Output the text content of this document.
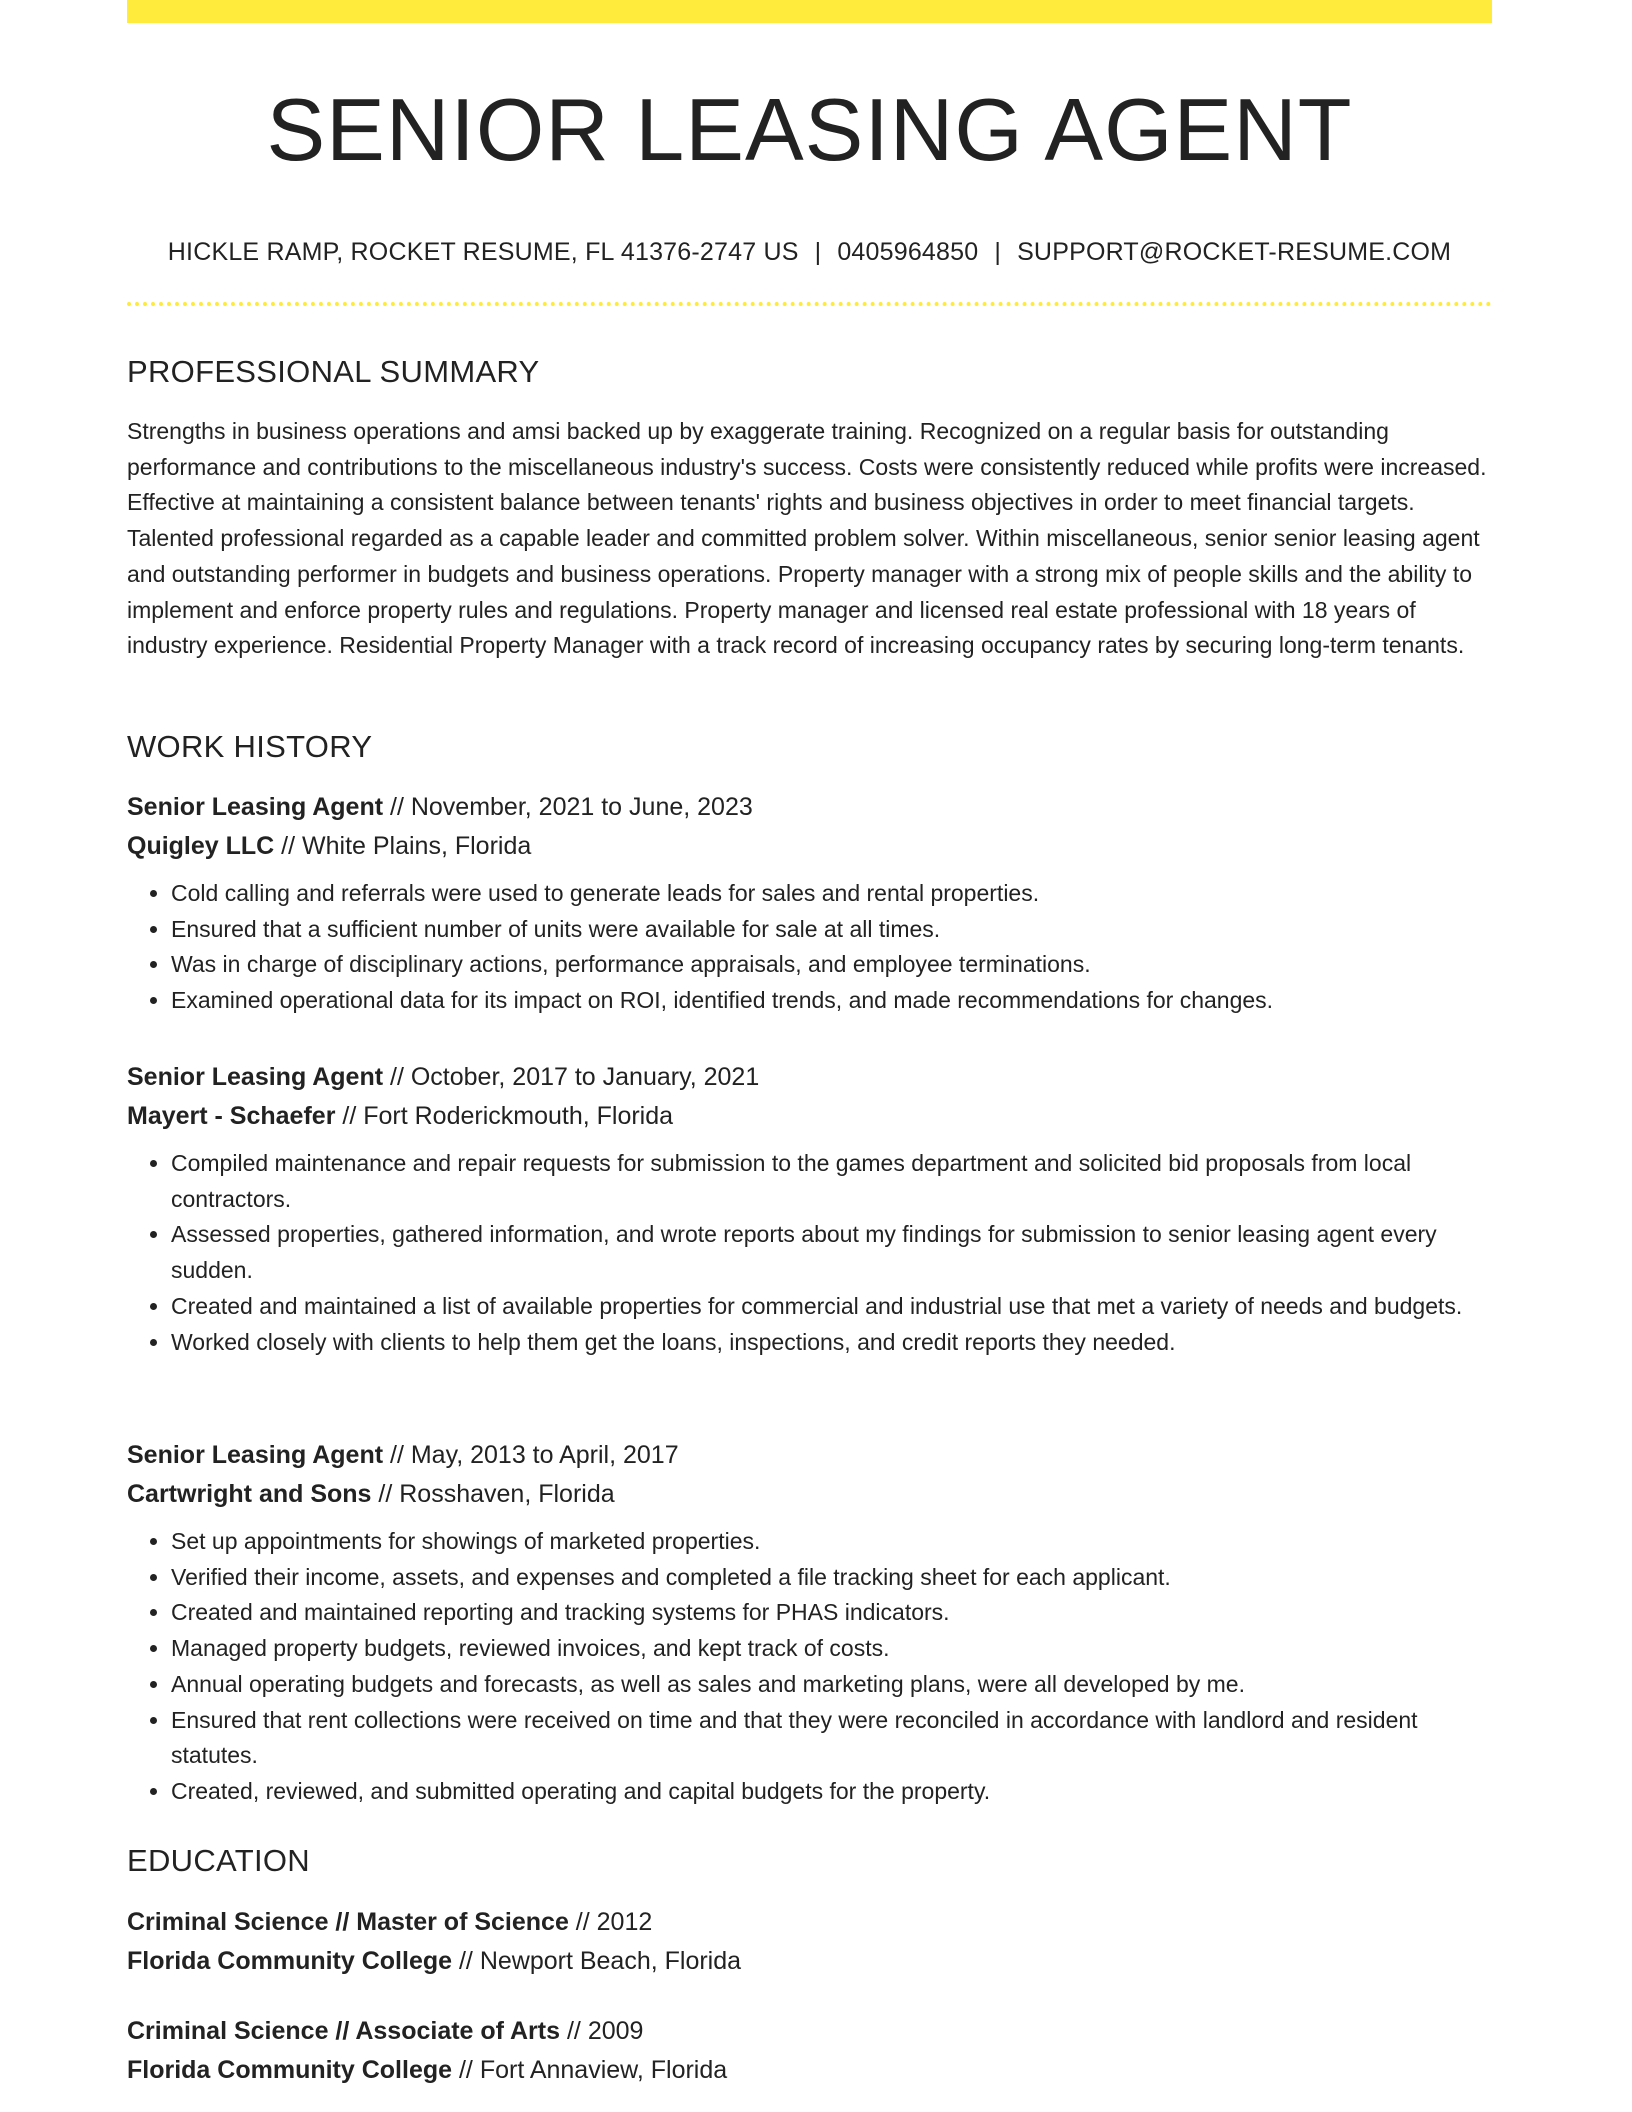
SENIOR LEASING AGENT
HICKLE RAMP, ROCKET RESUME, FL 41376-2747 US | 0405964850 | SUPPORT@ROCKET-RESUME.COM
PROFESSIONAL SUMMARY

Strengths in business operations and amsi backed up by exaggerate training. Recognized on a regular basis for outstanding performance and contributions to the miscellaneous industry's success. Costs were consistently reduced while profits were increased. Effective at maintaining a consistent balance between tenants' rights and business objectives in order to meet financial targets. Talented professional regarded as a capable leader and committed problem solver. Within miscellaneous, senior senior leasing agent and outstanding performer in budgets and business operations. Property manager with a strong mix of people skills and the ability to implement and enforce property rules and regulations. Property manager and licensed real estate professional with 18 years of industry experience. Residential Property Manager with a track record of increasing occupancy rates by securing long-term tenants.

WORK HISTORY
Senior Leasing Agent // November, 2021 to June, 2023
Quigley LLC // White Plains, Florida
• Cold calling and referrals were used to generate leads for sales and rental properties.
• Ensured that a sufficient number of units were available for sale at all times.
• Was in charge of disciplinary actions, performance appraisals, and employee terminations.
• Examined operational data for its impact on ROI, identified trends, and made recommendations for changes.
Senior Leasing Agent // October, 2017 to January, 2021
Mayert - Schaefer // Fort Roderickmouth, Florida
• Compiled maintenance and repair requests for submission to the games department and solicited bid proposals from local contractors.
• Assessed properties, gathered information, and wrote reports about my findings for submission to senior leasing agent every sudden.
• Created and maintained a list of available properties for commercial and industrial use that met a variety of needs and budgets.
• Worked closely with clients to help them get the loans, inspections, and credit reports they needed.
Senior Leasing Agent // May, 2013 to April, 2017
Cartwright and Sons // Rosshaven, Florida
• Set up appointments for showings of marketed properties.
• Verified their income, assets, and expenses and completed a file tracking sheet for each applicant.
• Created and maintained reporting and tracking systems for PHAS indicators.
• Managed property budgets, reviewed invoices, and kept track of costs.
• Annual operating budgets and forecasts, as well as sales and marketing plans, were all developed by me.
• Ensured that rent collections were received on time and that they were reconciled in accordance with landlord and resident statutes.
• Created, reviewed, and submitted operating and capital budgets for the property.
EDUCATION
Criminal Science // Master of Science // 2012
Florida Community College // Newport Beach, Florida
Criminal Science // Associate of Arts // 2009
Florida Community College // Fort Annaview, Florida
